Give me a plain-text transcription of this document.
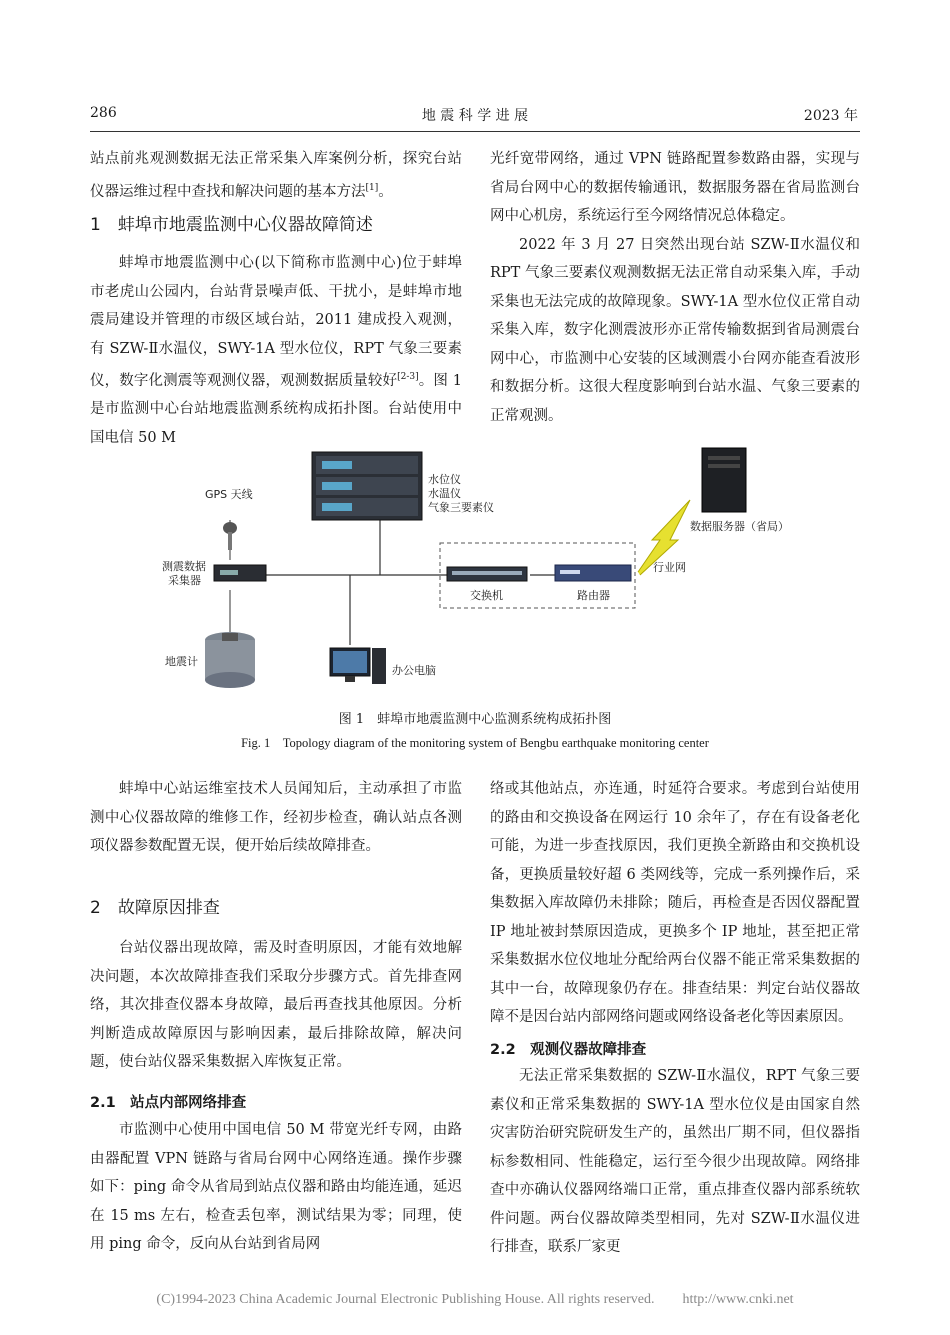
286	地 震 科 学 进 展	2023 年

站点前兆观测数据无法正常采集入库案例分析，探究台站仪器运维过程中查找和解决问题的基本方法[1]。

1　蚌埠市地震监测中心仪器故障简述

蚌埠市地震监测中心(以下简称市监测中心)位于蚌埠市老虎山公园内，台站背景噪声低、干扰小，是蚌埠市地震局建设并管理的市级区域台站，2011 建成投入观测，有 SZW-Ⅱ水温仪，SWY-1A 型水位仪，RPT 气象三要素仪，数字化测震等观测仪器，观测数据质量较好[2-3]。图 1 是市监测中心台站地震监测系统构成拓扑图。台站使用中国电信 50 M

光纤宽带网络，通过 VPN 链路配置参数路由器，实现与省局台网中心的数据传输通讯，数据服务器在省局监测台网中心机房，系统运行至今网络情况总体稳定。

2022 年 3 月 27 日突然出现台站 SZW-Ⅱ水温仪和 RPT 气象三要素仪观测数据无法正常自动采集入库，手动采集也无法完成的故障现象。SWY-1A 型水位仪正常自动采集入库，数字化测震波形亦正常传输数据到省局测震台网中心，市监测中心安装的区域测震小台网亦能查看波形和数据分析。这很大程度影响到台站水温、气象三要素的正常观测。

水位仪
水温仪
气象三要素仪
GPS 天线
测震数据
采集器
地震计
办公电脑
交换机	路由器
行业网
数据服务器（省局）
图 1　蚌埠市地震监测中心监测系统构成拓扑图
Fig. 1　Topology diagram of the monitoring system of Bengbu earthquake monitoring center

蚌埠中心站运维室技术人员闻知后，主动承担了市监测中心仪器故障的维修工作，经初步检查，确认站点各测项仪器参数配置无误，便开始后续故障排查。

2　故障原因排查

台站仪器出现故障，需及时查明原因，才能有效地解决问题，本次故障排查我们采取分步骤方式。首先排查网络，其次排查仪器本身故障，最后再查找其他原因。分析判断造成故障原因与影响因素，最后排除故障，解决问题，使台站仪器采集数据入库恢复正常。

2.1　站点内部网络排查

市监测中心使用中国电信 50 M 带宽光纤专网，由路由器配置 VPN 链路与省局台网中心网络连通。操作步骤如下：ping 命令从省局到站点仪器和路由均能连通，延迟在 15 ms 左右，检查丢包率，测试结果为零；同理，使用 ping 命令，反向从台站到省局网

络或其他站点，亦连通，时延符合要求。考虑到台站使用的路由和交换设备在网运行 10 余年了，存在有设备老化可能，为进一步查找原因，我们更换全新路由和交换机设备，更换质量较好超 6 类网线等，完成一系列操作后，采集数据入库故障仍未排除；随后，再检查是否因仪器配置 IP 地址被封禁原因造成，更换多个 IP 地址，甚至把正常采集数据水位仪地址分配给两台仪器不能正常采集数据的其中一台，故障现象仍存在。排查结果：判定台站仪器故障不是因台站内部网络问题或网络设备老化等因素原因。

2.2　观测仪器故障排查

无法正常采集数据的 SZW-Ⅱ水温仪，RPT 气象三要素仪和正常采集数据的 SWY-1A 型水位仪是由国家自然灾害防治研究院研发生产的，虽然出厂期不同，但仪器指标参数相同、性能稳定，运行至今很少出现故障。网络排查中亦确认仪器网络端口正常，重点排查仪器内部系统软件问题。两台仪器故障类型相同，先对 SZW-Ⅱ水温仪进行排查，联系厂家更

(C)1994-2023 China Academic Journal Electronic Publishing House. All rights reserved.　　http://www.cnki.net
